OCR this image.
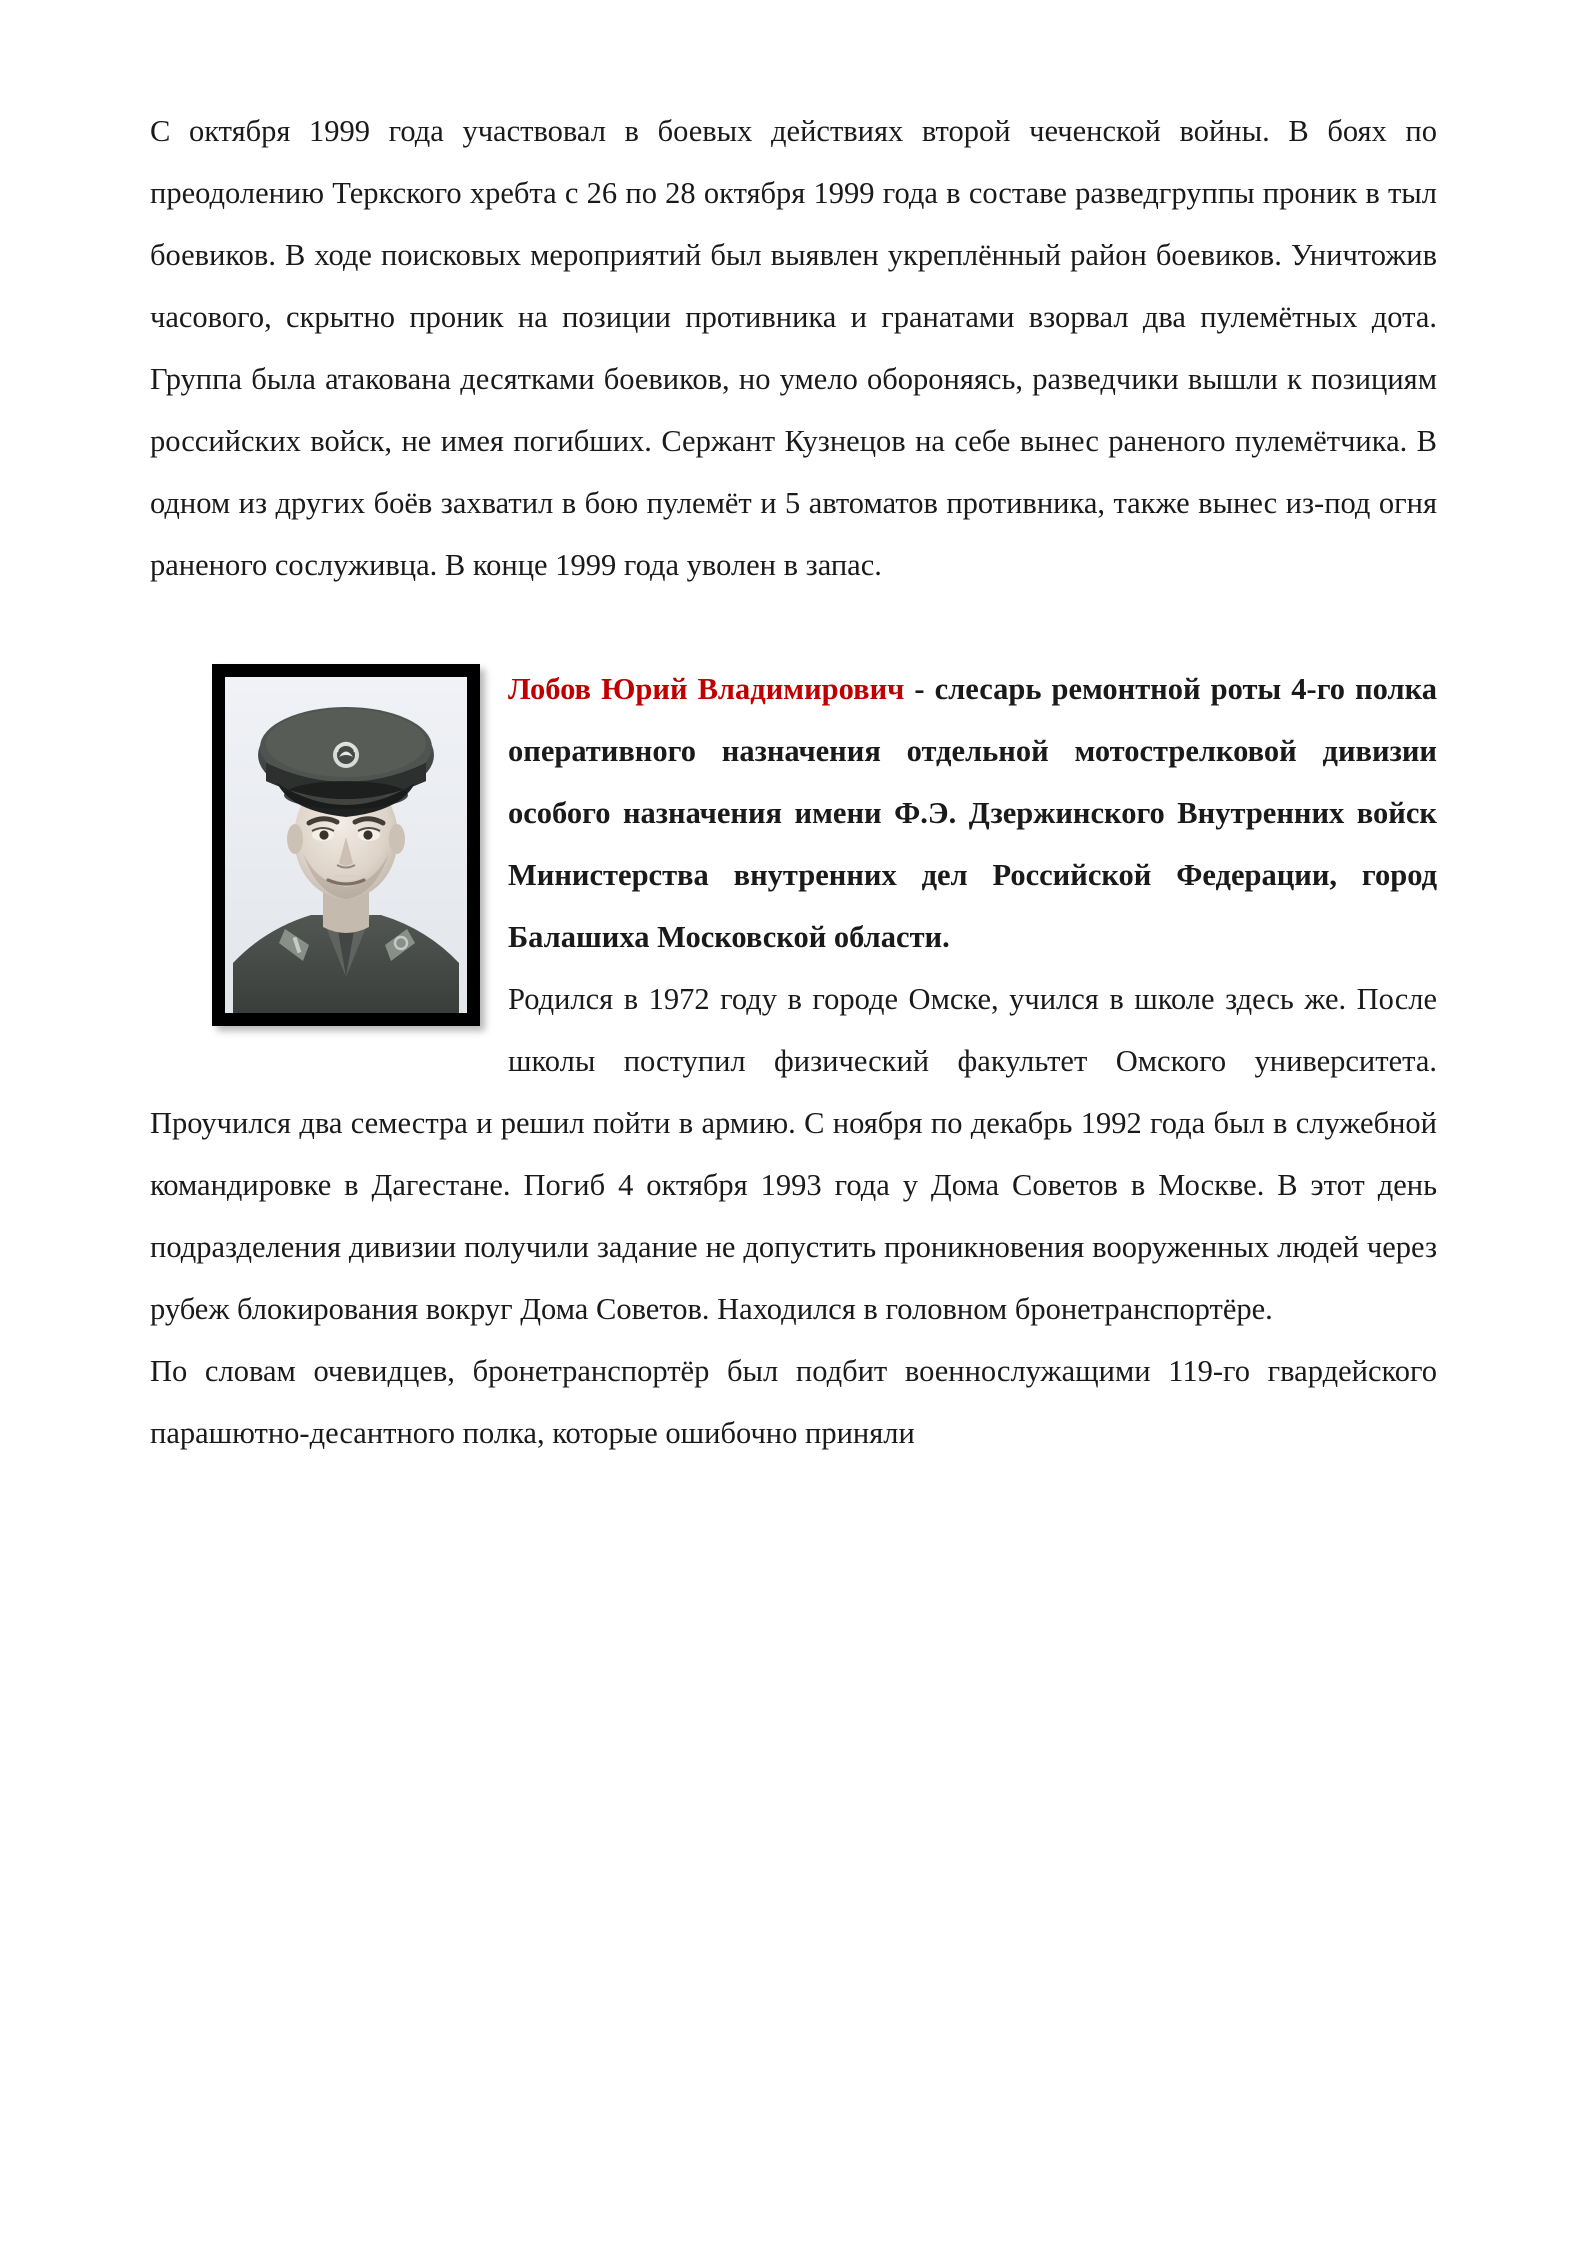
С октября 1999 года участвовал в боевых действиях второй чеченской войны. В боях по преодолению Теркского хребта с 26 по 28 октября 1999 года в составе разведгруппы проник в тыл боевиков. В ходе поисковых мероприятий был выявлен укреплённый район боевиков. Уничтожив часового, скрытно проник на позиции противника и гранатами взорвал два пулемётных дота. Группа была атакована десятками боевиков, но умело обороняясь, разведчики вышли к позициям российских войск, не имея погибших. Сержант Кузнецов на себе вынес раненого пулемётчика. В одном из других боёв захватил в бою пулемёт и 5 автоматов противника, также вынес из-под огня раненого сослуживца. В конце 1999 года уволен в запас.

Лобов Юрий Владимирович - слесарь ремонтной роты 4-го полка оперативного назначения отдельной мотострелковой дивизии особого назначения имени Ф.Э. Дзержинского Внутренних войск Министерства внутренних дел Российской Федерации, город Балашиха Московской области.

Родился в 1972 году в городе Омске, учился в школе здесь же. После школы поступил физический факультет Омского университета. Проучился два семестра и решил пойти в армию. С ноября по декабрь 1992 года был в служебной командировке в Дагестане. Погиб 4 октября 1993 года у Дома Советов в Москве. В этот день подразделения дивизии получили задание не допустить проникновения вооруженных людей через рубеж блокирования вокруг Дома Советов. Находился в головном бронетранспортёре.

По словам очевидцев, бронетранспортёр был подбит военнослужащими 119-го гвардейского парашютно-десантного полка, которые ошибочно приняли
